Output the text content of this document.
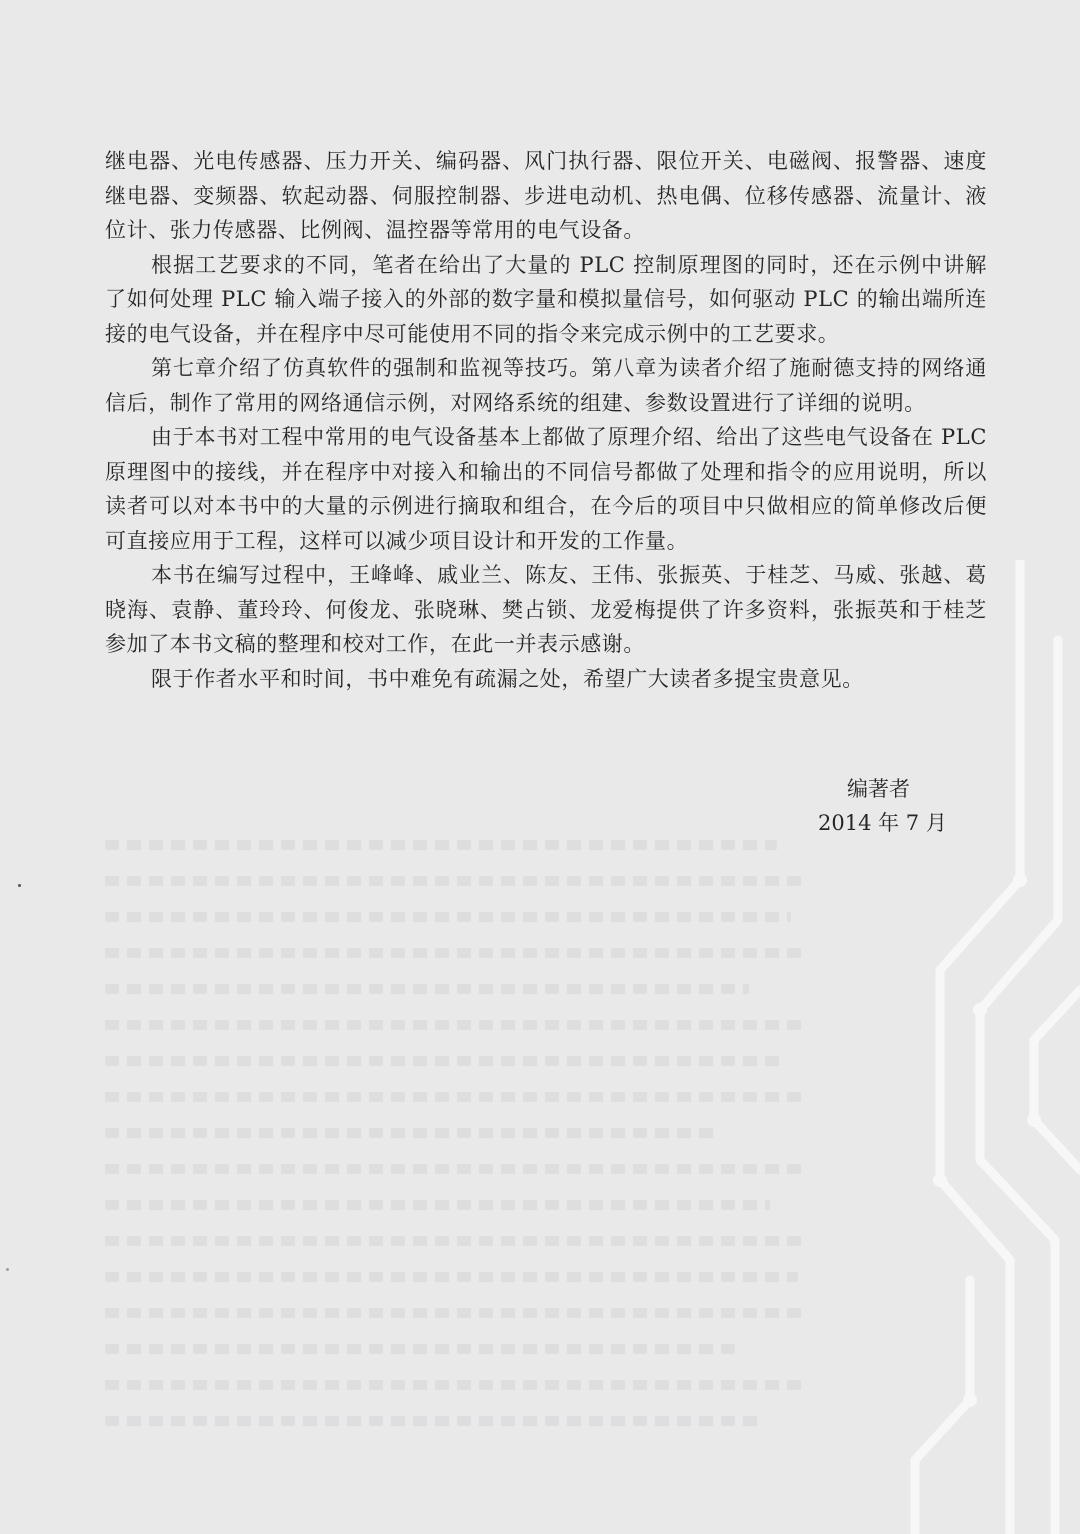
继电器、光电传感器、压力开关、编码器、风门执行器、限位开关、电磁阀、报警器、速度继电器、变频器、软起动器、伺服控制器、步进电动机、热电偶、位移传感器、流量计、液位计、张力传感器、比例阀、温控器等常用的电气设备。

根据工艺要求的不同，笔者在给出了大量的 PLC 控制原理图的同时，还在示例中讲解了如何处理 PLC 输入端子接入的外部的数字量和模拟量信号，如何驱动 PLC 的输出端所连接的电气设备，并在程序中尽可能使用不同的指令来完成示例中的工艺要求。

第七章介绍了仿真软件的强制和监视等技巧。第八章为读者介绍了施耐德支持的网络通信后，制作了常用的网络通信示例，对网络系统的组建、参数设置进行了详细的说明。

由于本书对工程中常用的电气设备基本上都做了原理介绍、给出了这些电气设备在 PLC 原理图中的接线，并在程序中对接入和输出的不同信号都做了处理和指令的应用说明，所以读者可以对本书中的大量的示例进行摘取和组合，在今后的项目中只做相应的简单修改后便可直接应用于工程，这样可以减少项目设计和开发的工作量。

本书在编写过程中，王峰峰、戚业兰、陈友、王伟、张振英、于桂芝、马威、张越、葛晓海、袁静、董玲玲、何俊龙、张晓琳、樊占锁、龙爱梅提供了许多资料，张振英和于桂芝参加了本书文稿的整理和校对工作，在此一并表示感谢。

限于作者水平和时间，书中难免有疏漏之处，希望广大读者多提宝贵意见。

编著者
2014 年 7 月
